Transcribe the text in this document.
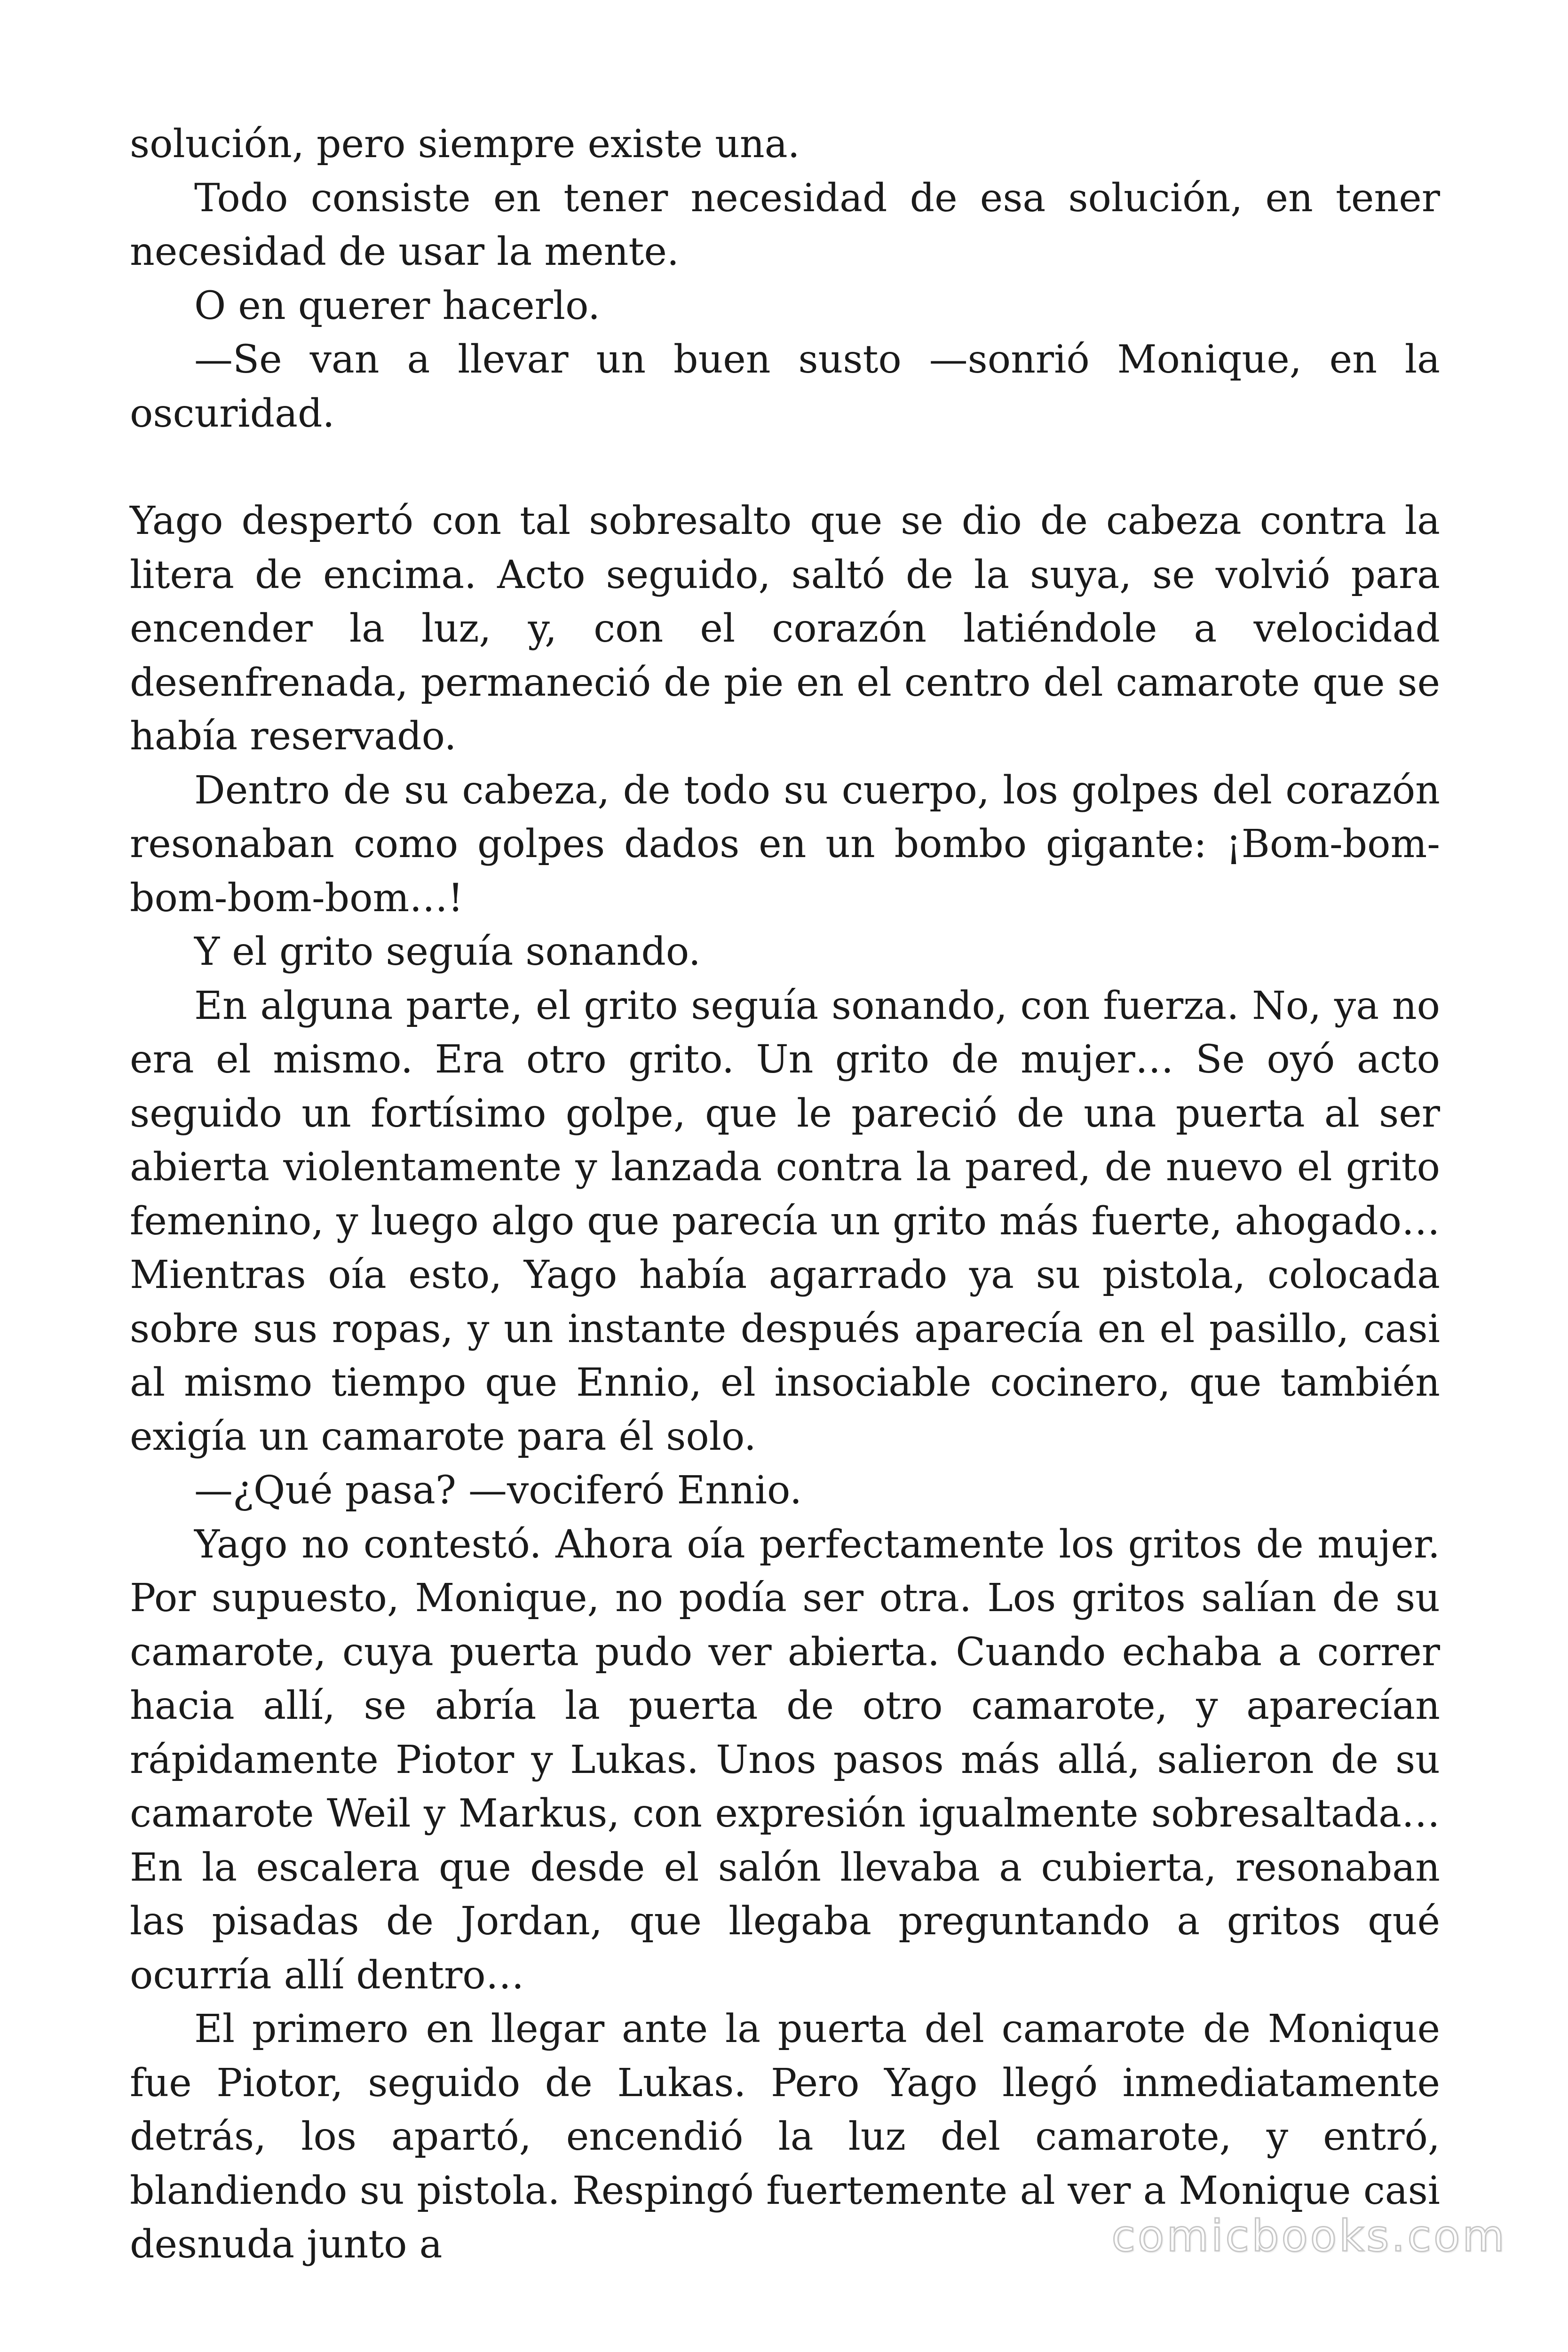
solución, pero siempre existe una.

Todo consiste en tener necesidad de esa solución, en tener necesidad de usar la mente.

O en querer hacerlo.

—Se van a llevar un buen susto —sonrió Monique, en la oscuridad.

Yago despertó con tal sobresalto que se dio de cabeza contra la litera de encima. Acto seguido, saltó de la suya, se volvió para encender la luz, y, con el corazón latiéndole a velocidad desenfrenada, permaneció de pie en el centro del camarote que se había reservado.

Dentro de su cabeza, de todo su cuerpo, los golpes del corazón resonaban como golpes dados en un bombo gigante: ¡Bom-bom-bom-bom-bom…!

Y el grito seguía sonando.

En alguna parte, el grito seguía sonando, con fuerza. No, ya no era el mismo. Era otro grito. Un grito de mujer… Se oyó acto seguido un fortísimo golpe, que le pareció de una puerta al ser abierta violentamente y lanzada contra la pared, de nuevo el grito femenino, y luego algo que parecía un grito más fuerte, ahogado… Mientras oía esto, Yago había agarrado ya su pistola, colocada sobre sus ropas, y un instante después aparecía en el pasillo, casi al mismo tiempo que Ennio, el insociable cocinero, que también exigía un camarote para él solo.

—¿Qué pasa? —vociferó Ennio.

Yago no contestó. Ahora oía perfectamente los gritos de mujer. Por supuesto, Monique, no podía ser otra. Los gritos salían de su camarote, cuya puerta pudo ver abierta. Cuando echaba a correr hacia allí, se abría la puerta de otro camarote, y aparecían rápidamente Piotor y Lukas. Unos pasos más allá, salieron de su camarote Weil y Markus, con expresión igualmente sobresaltada… En la escalera que desde el salón llevaba a cubierta, resonaban las pisadas de Jordan, que llegaba preguntando a gritos qué ocurría allí dentro…

El primero en llegar ante la puerta del camarote de Monique fue Piotor, seguido de Lukas. Pero Yago llegó inmediatamente detrás, los apartó, encendió la luz del camarote, y entró, blandiendo su pistola. Respingó fuertemente al ver a Monique casi desnuda junto a	comicbooks.com
